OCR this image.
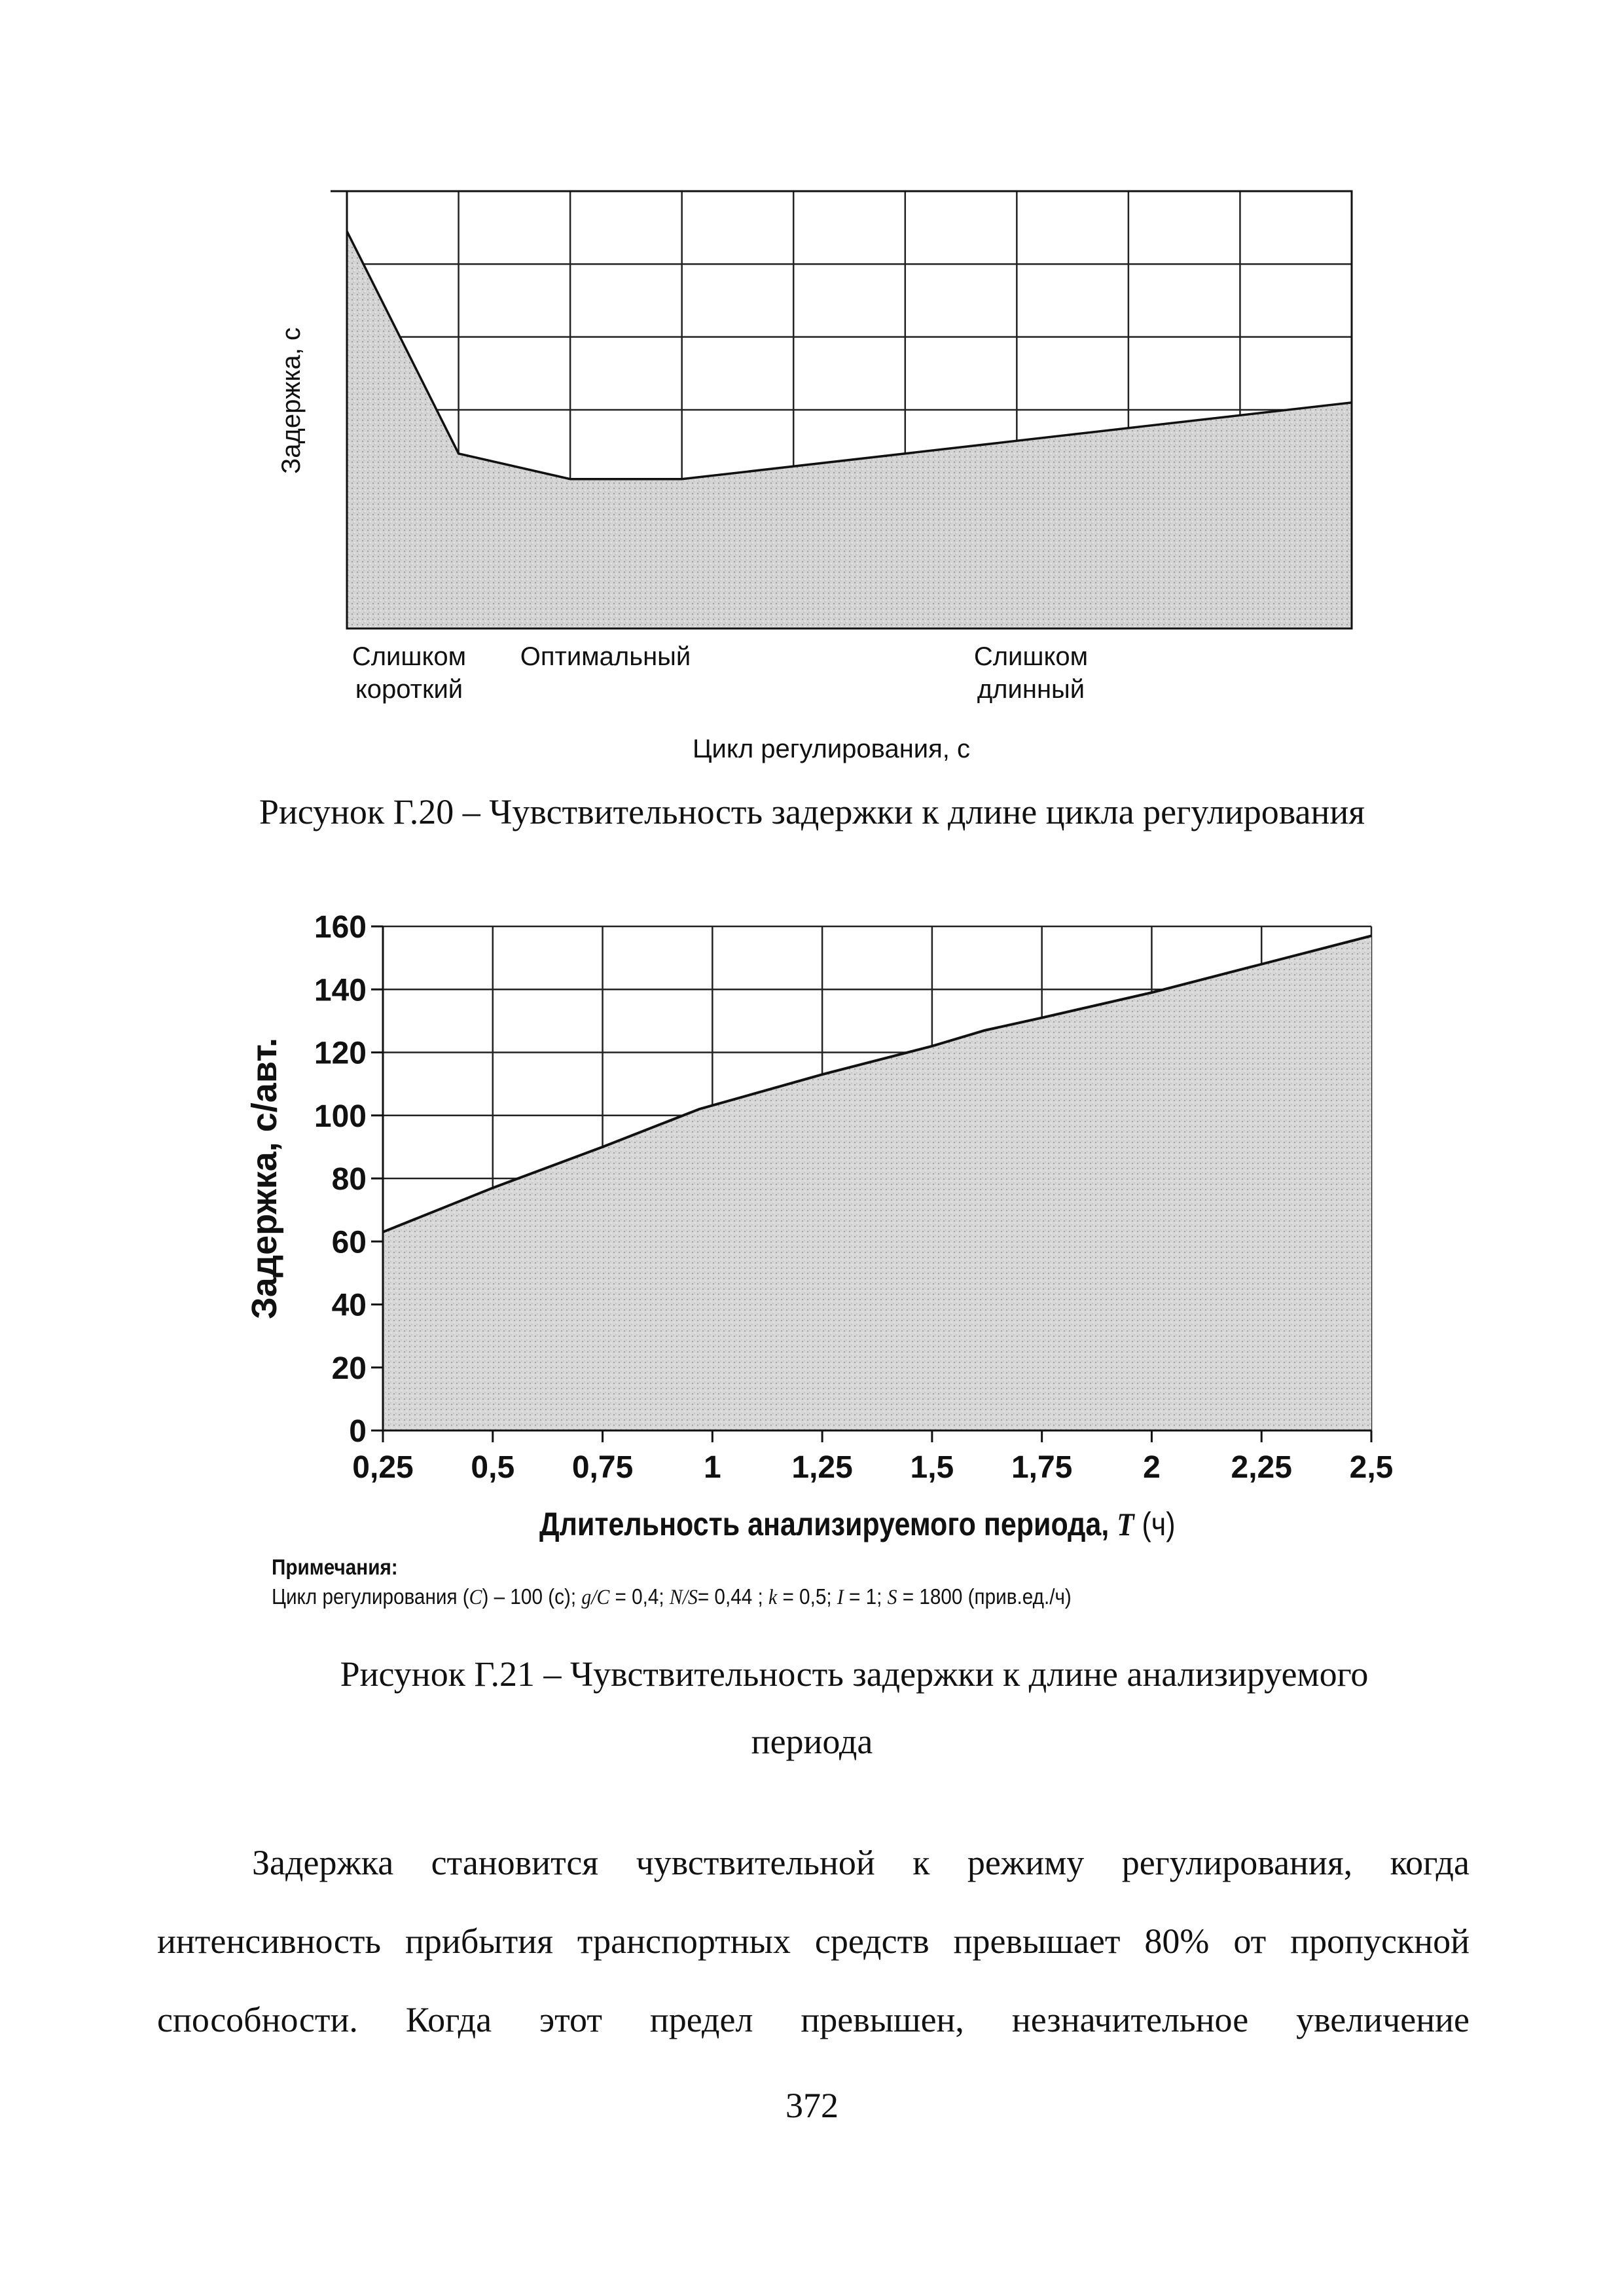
Задержка, с
Слишком
короткий
Оптимальный	Слишком
длинный
Цикл регулирования, с
Рисунок Г.20 – Чувствительность задержки к длине цикла регулирования
0
20
40
60
80
100
120
140
160
0,25 0,5 0,75 1 1,25 1,5 1,75 2 2,25 2,5
Задержка, с/авт.
Длительность анализируемого периода, T (ч)
Примечания:
Цикл регулирования (C) – 100 (с); g/C = 0,4; N/S= 0,44 ; k = 0,5; I = 1; S = 1800 (прив.ед./ч)
Рисунок Г.21 – Чувствительность задержки к длине анализируемого
периода
Задержка становится чувствительной к режиму регулирования, когда
интенсивность прибытия транспортных средств превышает 80% от пропускной
способности. Когда этот предел превышен, незначительное увеличение
372
